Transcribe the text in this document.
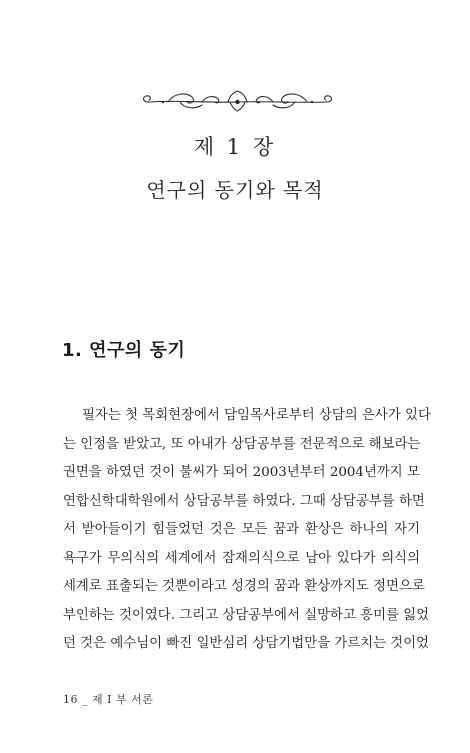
제 1 장
연구의 동기와 목적
1. 연구의 동기
필자는 첫 목회현장에서 담임목사로부터 상담의 은사가 있다
는 인정을 받았고, 또 아내가 상담공부를 전문적으로 해보라는
권면을 하였던 것이 불씨가 되어 2003년부터 2004년까지 모
연합신학대학원에서 상담공부를 하였다. 그때 상담공부를 하면
서 받아들이기 힘들었던 것은 모든 꿈과 환상은 하나의 자기
욕구가 무의식의 세계에서 잠재의식으로 남아 있다가 의식의
세계로 표출되는 것뿐이라고 성경의 꿈과 환상까지도 정면으로
부인하는 것이였다. 그리고 상담공부에서 실망하고 흥미를 잃었
던 것은 예수님이 빠진 일반심리 상담기법만을 가르치는 것이었
16 _ 제 I 부 서론
